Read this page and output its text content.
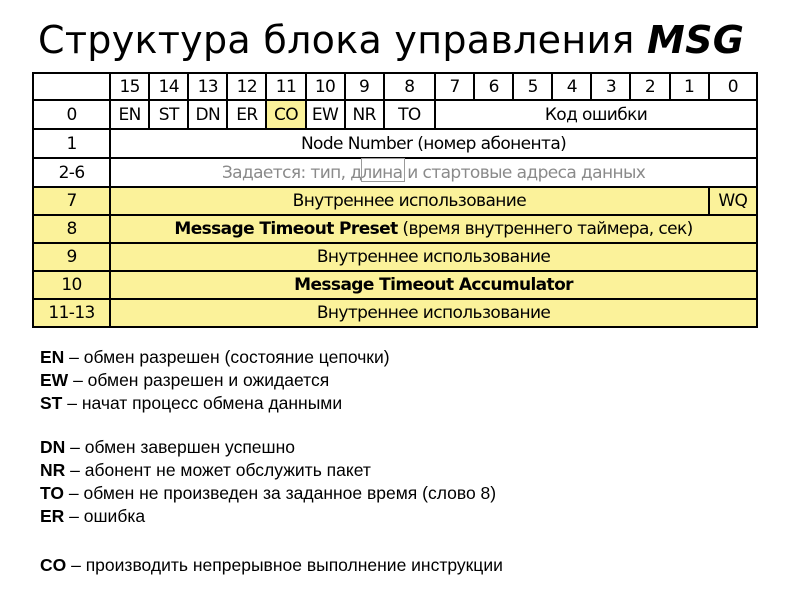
Структура блока управления MSG
	15	14	13	12	11	10	9	8	7	6	5	4	3	2	1	0
0	EN	ST	DN	ER	CO	EW	NR	TO	Код ошибки							
1	Node Number (номер абонента)															
2-6	Задается: тип, длина и стартовые адреса данных															
7	Внутреннее использование															WQ
8	Message Timeout Preset (время внутреннего таймера, сек)															
9	Внутреннее использование															
10	Message Timeout Accumulator															
11-13	Внутреннее использование															
EN – обмен разрешен (состояние цепочки)
EW – обмен разрешен и ожидается
ST – начат процесс обмена данными
DN – обмен завершен успешно
NR – абонент не может обслужить пакет
TO – обмен не произведен за заданное время (слово 8)
ER – ошибка
CO – производить непрерывное выполнение инструкции
